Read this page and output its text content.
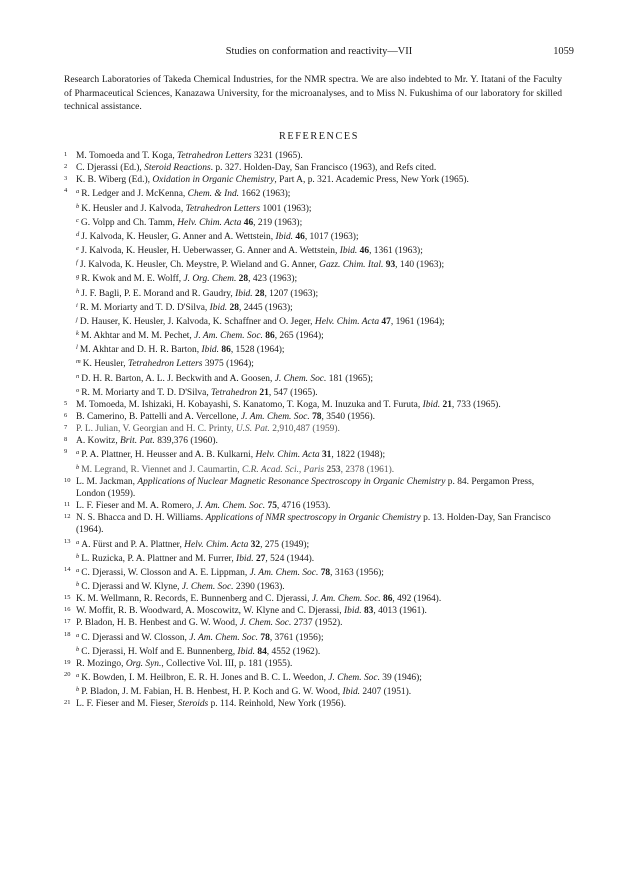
Studies on conformation and reactivity—VII	1059
Research Laboratories of Takeda Chemical Industries, for the NMR spectra. We are also indebted to Mr. Y. Itatani of the Faculty of Pharmaceutical Sciences, Kanazawa University, for the microanalyses, and to Miss N. Fukushima of our laboratory for skilled technical assistance.
REFERENCES
1 M. Tomoeda and T. Koga, Tetrahedron Letters 3231 (1965).
2 C. Djerassi (Ed.), Steroid Reactions. p. 327. Holden-Day, San Francisco (1963), and Refs cited.
3 K. B. Wiberg (Ed.), Oxidation in Organic Chemistry, Part A, p. 321. Academic Press, New York (1965).
4 $^a$ R. Ledger and J. McKenna, Chem. & Ind. 1662 (1963);
$^b$ K. Heusler and J. Kalvoda, Tetrahedron Letters 1001 (1963);
$^c$ G. Volpp and Ch. Tamm, Helv. Chim. Acta 46, 219 (1963);
$^d$ J. Kalvoda, K. Heusler, G. Anner and A. Wettstein, Ibid. 46, 1017 (1963);
$^e$ J. Kalvoda, K. Heusler, H. Ueberwasser, G. Anner and A. Wettstein, Ibid. 46, 1361 (1963);
$^f$ J. Kalvoda, K. Heusler, Ch. Meystre, P. Wieland and G. Anner, Gazz. Chim. Ital. 93, 140 (1963);
$^g$ R. Kwok and M. E. Wolff, J. Org. Chem. 28, 423 (1963);
$^h$ J. F. Bagli, P. E. Morand and R. Gaudry, Ibid. 28, 1207 (1963);
$^i$ R. M. Moriarty and T. D. D'Silva, Ibid. 28, 2445 (1963);
$^j$ D. Hauser, K. Heusler, J. Kalvoda, K. Schaffner and O. Jeger, Helv. Chim. Acta 47, 1961 (1964);
$^k$ M. Akhtar and M. M. Pechet, J. Am. Chem. Soc. 86, 265 (1964);
$^l$ M. Akhtar and D. H. R. Barton, Ibid. 86, 1528 (1964);
$^m$ K. Heusler, Tetrahedron Letters 3975 (1964);
$^n$ D. H. R. Barton, A. L. J. Beckwith and A. Goosen, J. Chem. Soc. 181 (1965);
$^o$ R. M. Moriarty and T. D. D'Silva, Tetrahedron 21, 547 (1965).
5 M. Tomoeda, M. Ishizaki, H. Kobayashi, S. Kanatomo, T. Koga, M. Inuzuka and T. Furuta, Ibid. 21, 733 (1965).
6 B. Camerino, B. Pattelli and A. Vercellone, J. Am. Chem. Soc. 78, 3540 (1956).
7 P. L. Julian, V. Georgian and H. C. Printy, U.S. Pat. 2,910,487 (1959).
8 A. Kowitz, Brit. Pat. 839,376 (1960).
9 $^a$ P. A. Plattner, H. Heusser and A. B. Kulkarni, Helv. Chim. Acta 31, 1822 (1948);
$^b$ M. Legrand, R. Viennet and J. Caumartin, C.R. Acad. Sci., Paris 253, 2378 (1961).
10 L. M. Jackman, Applications of Nuclear Magnetic Resonance Spectroscopy in Organic Chemistry p. 84. Pergamon Press, London (1959).
11 L. F. Fieser and M. A. Romero, J. Am. Chem. Soc. 75, 4716 (1953).
12 N. S. Bhacca and D. H. Williams. Applications of NMR spectroscopy in Organic Chemistry p. 13. Holden-Day, San Francisco (1964).
13 $^a$ A. Fürst and P. A. Plattner, Helv. Chim. Acta 32, 275 (1949);
$^b$ L. Ruzicka, P. A. Plattner and M. Furrer, Ibid. 27, 524 (1944).
14 $^a$ C. Djerassi, W. Closson and A. E. Lippman, J. Am. Chem. Soc. 78, 3163 (1956);
$^b$ C. Djerassi and W. Klyne, J. Chem. Soc. 2390 (1963).
15 K. M. Wellmann, R. Records, E. Bunnenberg and C. Djerassi, J. Am. Chem. Soc. 86, 492 (1964).
16 W. Moffit, R. B. Woodward, A. Moscowitz, W. Klyne and C. Djerassi, Ibid. 83, 4013 (1961).
17 P. Bladon, H. B. Henbest and G. W. Wood, J. Chem. Soc. 2737 (1952).
18 $^a$ C. Djerassi and W. Closson, J. Am. Chem. Soc. 78, 3761 (1956);
$^b$ C. Djerassi, H. Wolf and E. Bunnenberg, Ibid. 84, 4552 (1962).
19 R. Mozingo, Org. Syn., Collective Vol. III, p. 181 (1955).
20 $^a$ K. Bowden, I. M. Heilbron, E. R. H. Jones and B. C. L. Weedon, J. Chem. Soc. 39 (1946);
$^b$ P. Bladon, J. M. Fabian, H. B. Henbest, H. P. Koch and G. W. Wood, Ibid. 2407 (1951).
21 L. F. Fieser and M. Fieser, Steroids p. 114. Reinhold, New York (1956).
